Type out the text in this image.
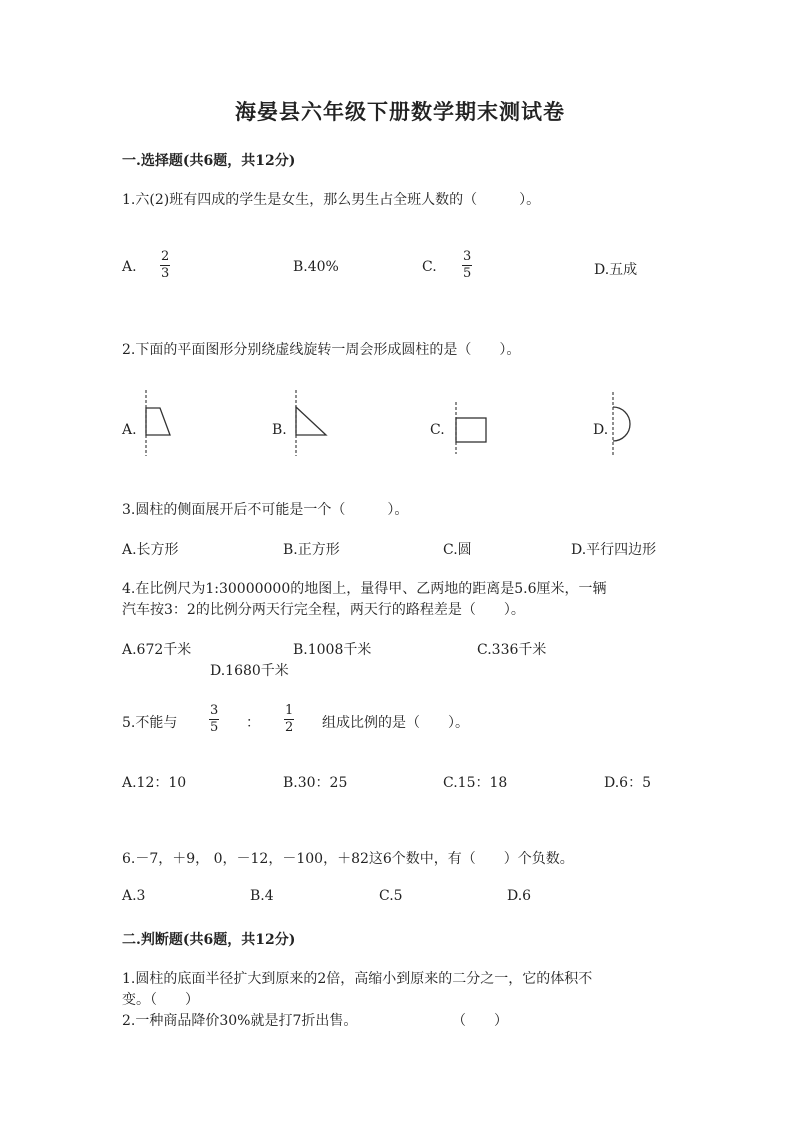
海晏县六年级下册数学期末测试卷
一.选择题(共6题，共12分)
1.六(2)班有四成的学生是女生，那么男生占全班人数的（　　　）。
A. $\frac{2}{3}$	B.40%	C. $\frac{3}{5}$	D.五成
2.下面的平面图形分别绕虚线旋转一周会形成圆柱的是（　　）。
A.	B.	C.	D.
3.圆柱的侧面展开后不可能是一个（　　　）。
A.长方形	B.正方形	C.圆	D.平行四边形
4.在比例尺为1:30000000的地图上，量得甲、乙两地的距离是5.6厘米，一辆
汽车按3：2的比例分两天行完全程，两天行的路程差是（　　）。
A.672千米	B.1008千米	C.336千米
D.1680千米
5.不能与 $\frac{3}{5}$ ： $\frac{1}{2}$ 组成比例的是（　　）。
A.12：10	B.30：25	C.15：18	D.6：5
6.－7，＋9， 0，－12，－100，＋82这6个数中，有（　　）个负数。
A.3	B.4	C.5	D.6
二.判断题(共6题，共12分)
1.圆柱的底面半径扩大到原来的2倍，高缩小到原来的二分之一，它的体积不
变。（　　）
2.一种商品降价30%就是打7折出售。	（　　）
